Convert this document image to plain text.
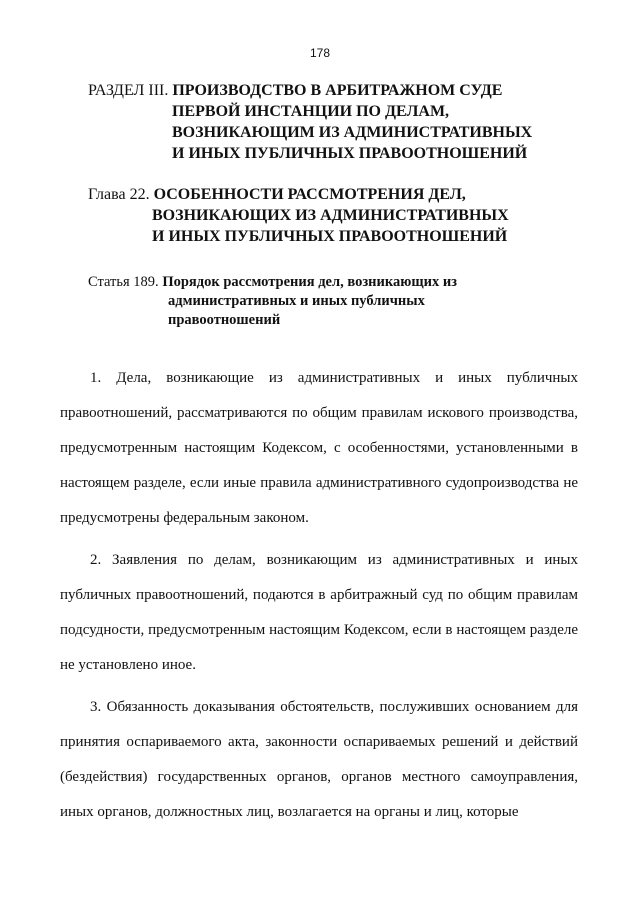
178
РАЗДЕЛ III. ПРОИЗВОДСТВО В АРБИТРАЖНОМ СУДЕ
ПЕРВОЙ ИНСТАНЦИИ ПО ДЕЛАМ,
ВОЗНИКАЮЩИМ ИЗ АДМИНИСТРАТИВНЫХ
И ИНЫХ ПУБЛИЧНЫХ ПРАВООТНОШЕНИЙ
Глава 22. ОСОБЕННОСТИ РАССМОТРЕНИЯ ДЕЛ,
ВОЗНИКАЮЩИХ ИЗ АДМИНИСТРАТИВНЫХ
И ИНЫХ ПУБЛИЧНЫХ ПРАВООТНОШЕНИЙ
Статья 189. Порядок рассмотрения дел, возникающих из
административных и иных публичных
правоотношений

1. Дела, возникающие из административных и иных публичных правоотношений, рассматриваются по общим правилам искового производства, предусмотренным настоящим Кодексом, с особенностями, установленными в настоящем разделе, если иные правила административного судопроизводства не предусмотрены федеральным законом.

2. Заявления по делам, возникающим из административных и иных публичных правоотношений, подаются в арбитражный суд по общим правилам подсудности, предусмотренным настоящим Кодексом, если в настоящем разделе не установлено иное.

3. Обязанность доказывания обстоятельств, послуживших основанием для принятия оспариваемого акта, законности оспариваемых решений и действий (бездействия) государственных органов, органов местного самоуправления, иных органов, должностных лиц, возлагается на органы и лиц, которые
